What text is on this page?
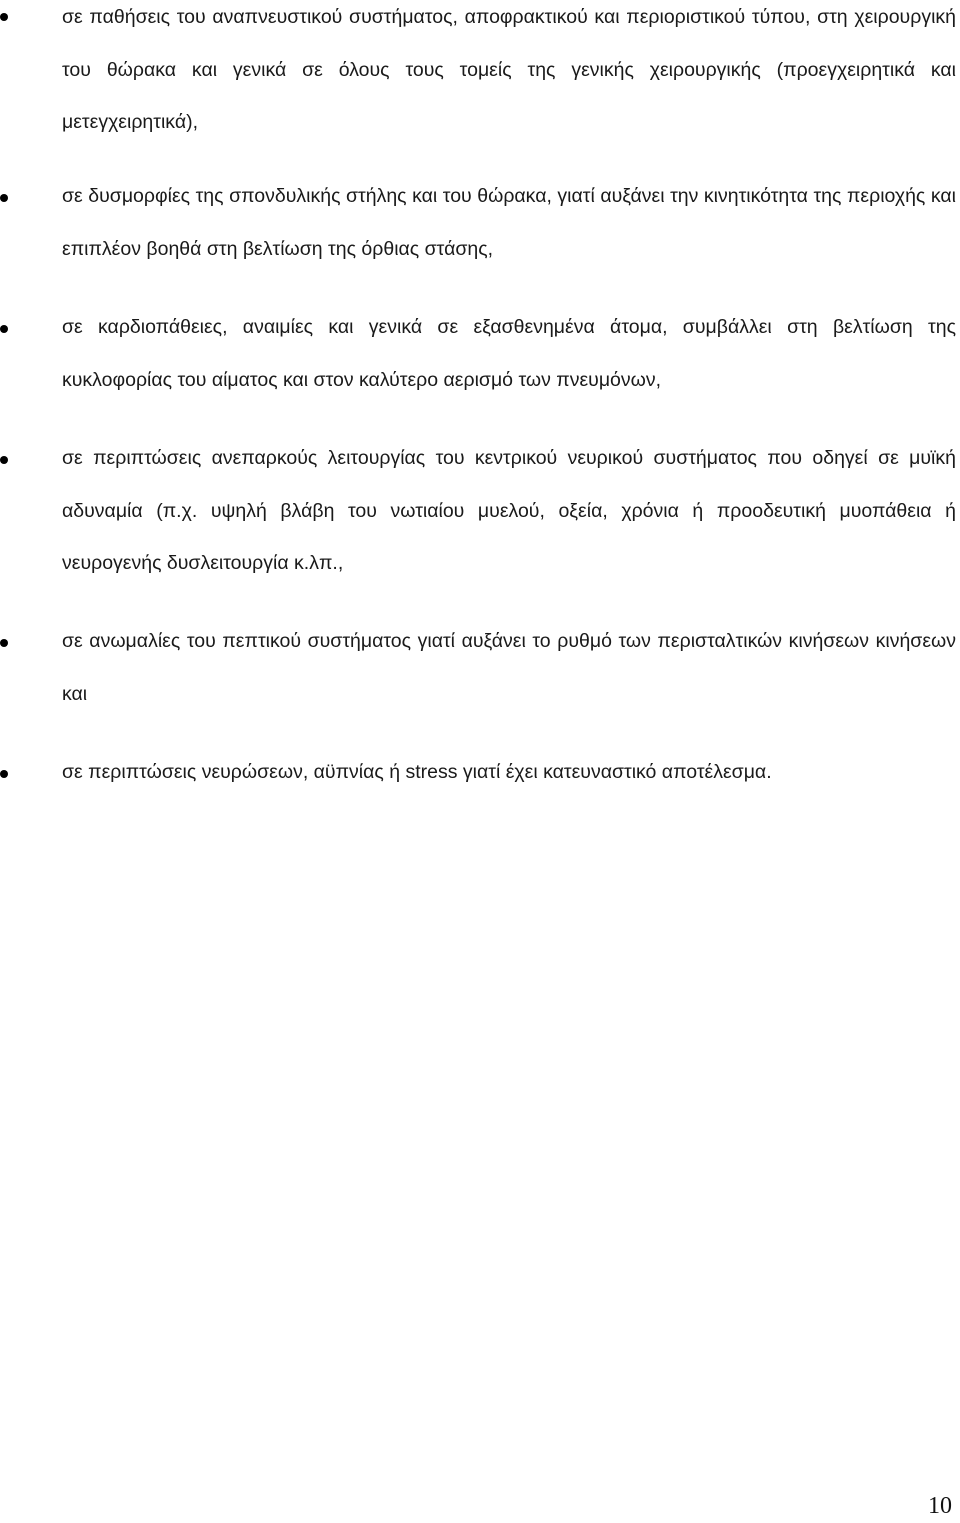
σε παθήσεις του αναπνευστικού συστήματος, αποφρακτικού και περιοριστικού τύπου, στη χειρουργική του θώρακα και γενικά σε όλους τους τομείς της γενικής χειρουργικής (προεγχειρητικά και μετεγχειρητικά),
σε δυσμορφίες της σπονδυλικής στήλης και του θώρακα, γιατί αυξάνει την κινητικότητα της περιοχής και επιπλέον βοηθά στη βελτίωση της όρθιας στάσης,
σε καρδιοπάθειες, αναιμίες και γενικά σε εξασθενημένα άτομα, συμβάλλει στη βελτίωση της κυκλοφορίας του αίματος και στον καλύτερο αερισμό των πνευμόνων,
σε περιπτώσεις ανεπαρκούς λειτουργίας του κεντρικού νευρικού συστήματος που οδηγεί σε μυϊκή αδυναμία (π.χ. υψηλή βλάβη του νωτιαίου μυελού, οξεία, χρόνια ή προοδευτική μυοπάθεια ή νευρογενής δυσλειτουργία κ.λπ.,
σε ανωμαλίες του πεπτικού συστήματος γιατί αυξάνει το ρυθμό των περισταλτικών κινήσεων κινήσεων και
σε περιπτώσεις νευρώσεων, αϋπνίας ή stress γιατί έχει κατευναστικό αποτέλεσμα.
10
